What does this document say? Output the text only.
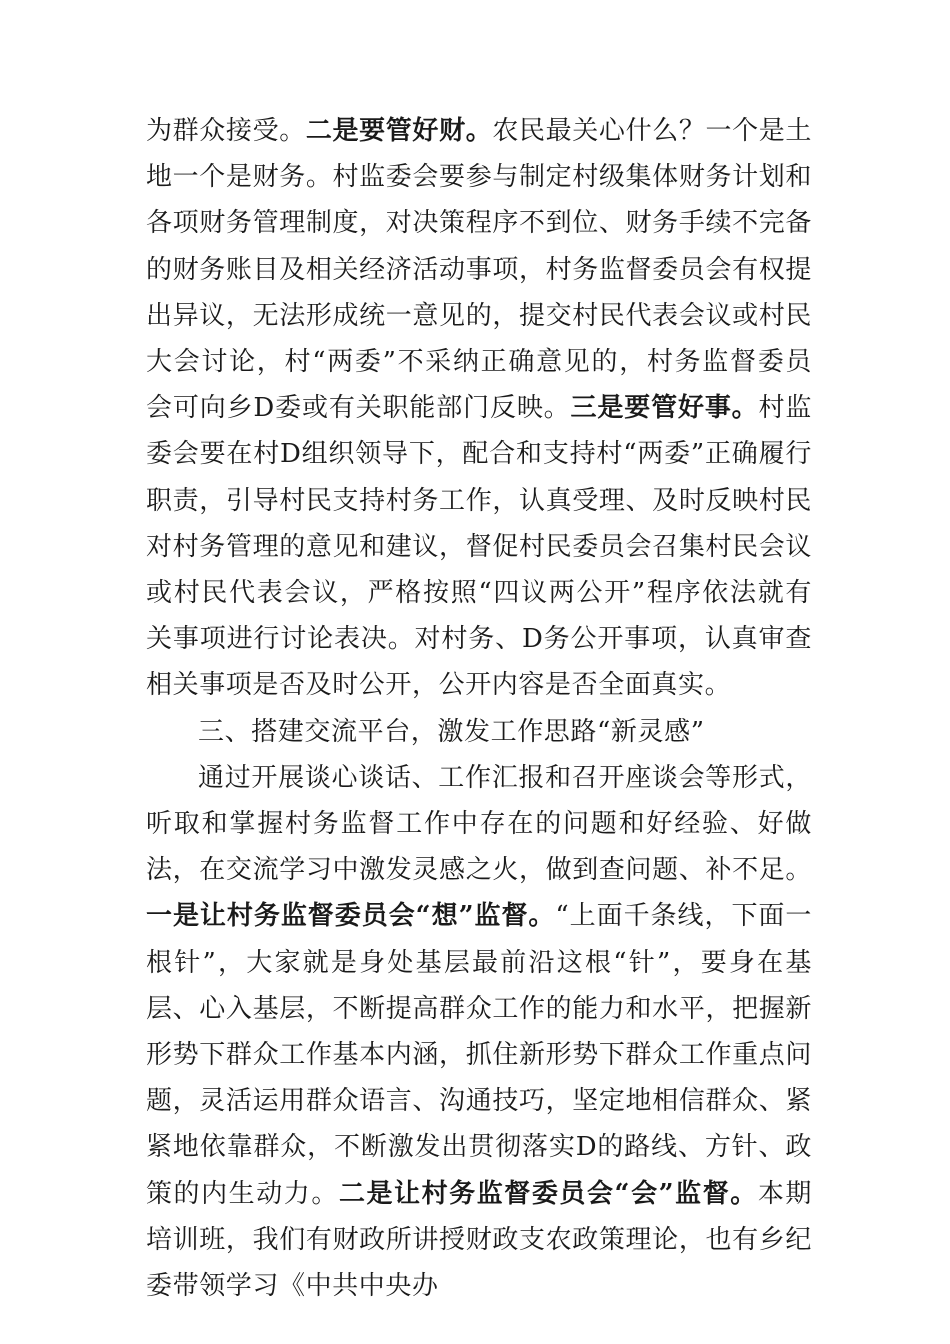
为群众接受。二是要管好财。农民最关心什么？一个是土地一个是财务。村监委会要参与制定村级集体财务计划和各项财务管理制度，对决策程序不到位、财务手续不完备的财务账目及相关经济活动事项，村务监督委员会有权提出异议，无法形成统一意见的，提交村民代表会议或村民大会讨论，村“两委”不采纳正确意见的，村务监督委员会可向乡D委或有关职能部门反映。三是要管好事。村监委会要在村D组织领导下，配合和支持村“两委”正确履行职责，引导村民支持村务工作，认真受理、及时反映村民对村务管理的意见和建议，督促村民委员会召集村民会议或村民代表会议，严格按照“四议两公开”程序依法就有关事项进行讨论表决。对村务、D务公开事项，认真审查相关事项是否及时公开，公开内容是否全面真实。

三、搭建交流平台，激发工作思路“新灵感”

通过开展谈心谈话、工作汇报和召开座谈会等形式，听取和掌握村务监督工作中存在的问题和好经验、好做法，在交流学习中激发灵感之火，做到查问题、补不足。一是让村务监督委员会“想”监督。“上面千条线，下面一根针”，大家就是身处基层最前沿这根“针”，要身在基层、心入基层，不断提高群众工作的能力和水平，把握新形势下群众工作基本内涵，抓住新形势下群众工作重点问题，灵活运用群众语言、沟通技巧，坚定地相信群众、紧紧地依靠群众，不断激发出贯彻落实D的路线、方针、政策的内生动力。二是让村务监督委员会“会”监督。本期培训班，我们有财政所讲授财政支农政策理论，也有乡纪委带领学习《中共中央办
